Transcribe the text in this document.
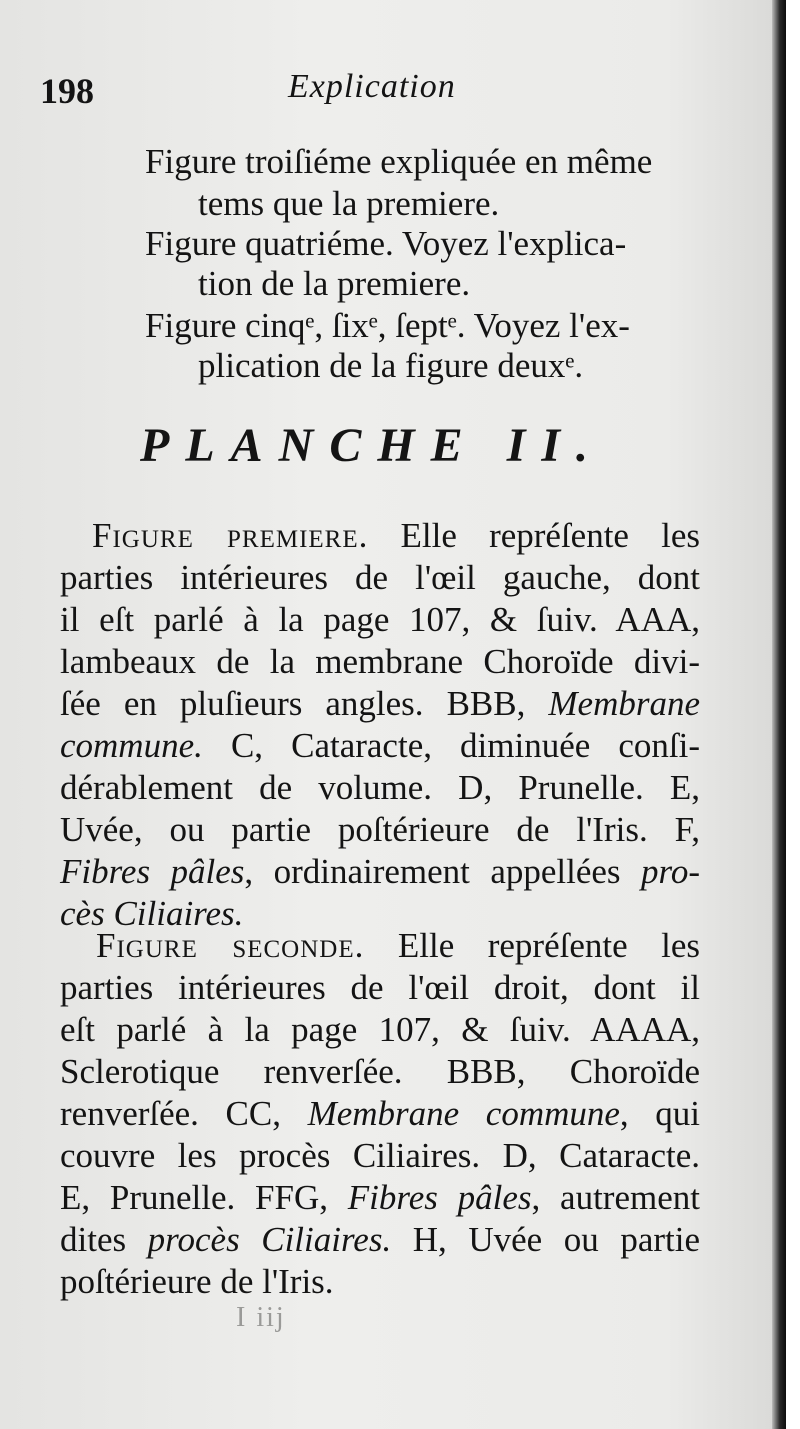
198	Explication
Figure troiſiéme expliquée en même
tems que la premiere.
Figure quatriéme. Voyez l'explica-
tion de la premiere.
Figure cinqᵉ, ſixᵉ, ſeptᵉ. Voyez l'ex-
plication de la figure deuxᵉ.
PLANCHE II.
Figure premiere. Elle repréſente les
parties intérieures de l'œil gauche, dont
il eſt parlé à la page 107, & ſuiv. AAA,
lambeaux de la membrane Choroïde divi-
ſée en pluſieurs angles. BBB, Membrane
commune. C, Cataracte, diminuée conſi-
dérablement de volume. D, Prunelle. E,
Uvée, ou partie poſtérieure de l'Iris. F,
Fibres pâles, ordinairement appellées pro-
cès Ciliaires.
Figure seconde. Elle repréſente les
parties intérieures de l'œil droit, dont il
eſt parlé à la page 107, & ſuiv. AAAA,
Sclerotique renverſée. BBB, Choroïde
renverſée. CC, Membrane commune, qui
couvre les procès Ciliaires. D, Cataracte.
E, Prunelle. FFG, Fibres pâles, autrement
dites procès Ciliaires. H, Uvée ou partie
poſtérieure de l'Iris.
I iij
